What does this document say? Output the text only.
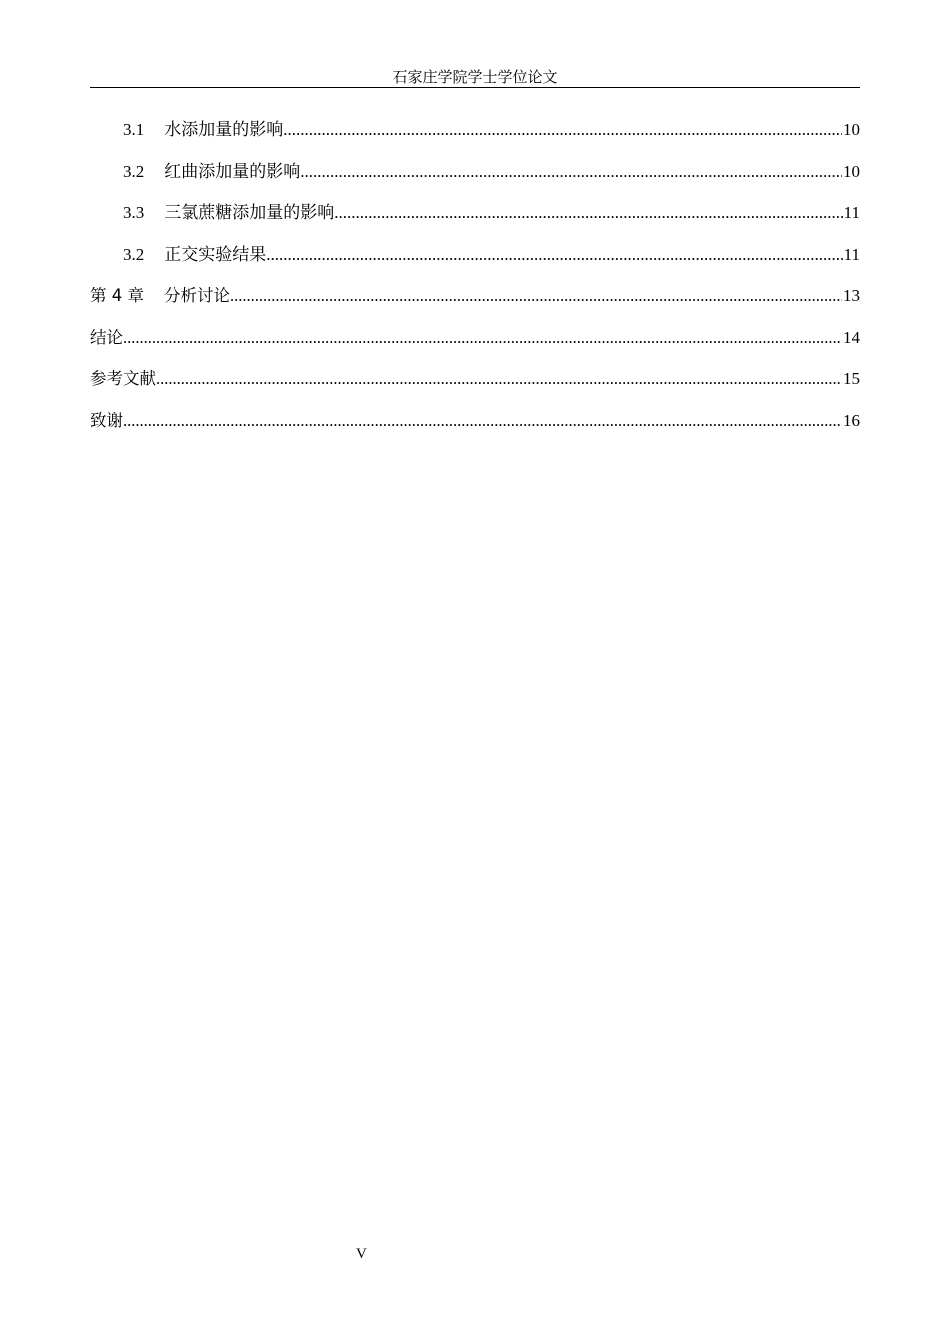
石家庄学院学士学位论文
3.1 水添加量的影响 .....	10
3.2 红曲添加量的影响 .....	10
3.3 三氯蔗糖添加量的影响 .....	11
3.2 正交实验结果 .....	11
第 4 章 分析讨论 .....	13
结论 .....	14
参考文献 .....	15
致谢 .....	16
V
